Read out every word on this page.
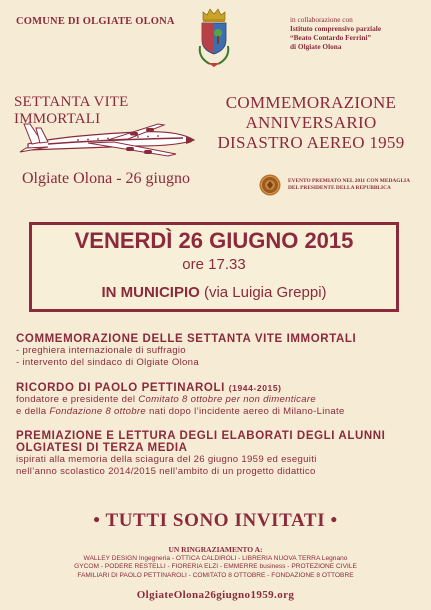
COMUNE DI OLGIATE OLONA	in collaborazione con
Istituto comprensivo parziale
“Beato Contardo Ferrini”
di Olgiate Olona
SETTANTA VITE IMMORTALI
Olgiate Olona - 26 giugno
COMMEMORAZIONE
ANNIVERSARIO
DISASTRO AEREO 1959
EVENTO PREMIATO NEL 2011 CON MEDAGLIA
DEL PRESIDENTE DELLA REPUBBLICA
VENERDÌ 26 GIUGNO 2015
ore 17.33
IN MUNICIPIO (via Luigia Greppi)
COMMEMORAZIONE DELLE SETTANTA VITE IMMORTALI
- preghiera internazionale di suffragio
- intervento del sindaco di Olgiate Olona
RICORDO DI PAOLO PETTINAROLI (1944-2015)
fondatore e presidente del Comitato 8 ottobre per non dimenticare
e della Fondazione 8 ottobre nati dopo l’incidente aereo di Milano-Linate
PREMIAZIONE E LETTURA DEGLI ELABORATI DEGLI ALUNNI
OLGIATESI DI TERZA MEDIA
ispirati alla memoria della sciagura del 26 giugno 1959 ed eseguiti
nell’anno scolastico 2014/2015 nell’ambito di un progetto didattico
• TUTTI SONO INVITATI •
UN RINGRAZIAMENTO A:
WALLEY DESIGN Ingegneria - OTTICA CALDIROLI - LIBRERIA NUOVA TERRA Legnano
GYCOM - PODERE RESTELLI - FIORERIA ELZI - EMMERRE business - PROTEZIONE CIVILE
FAMILIARI DI PAOLO PETTINAROLI - COMITATO 8 OTTOBRE - FONDAZIONE 8 OTTOBRE
OlgiateOlona26giugno1959.org
